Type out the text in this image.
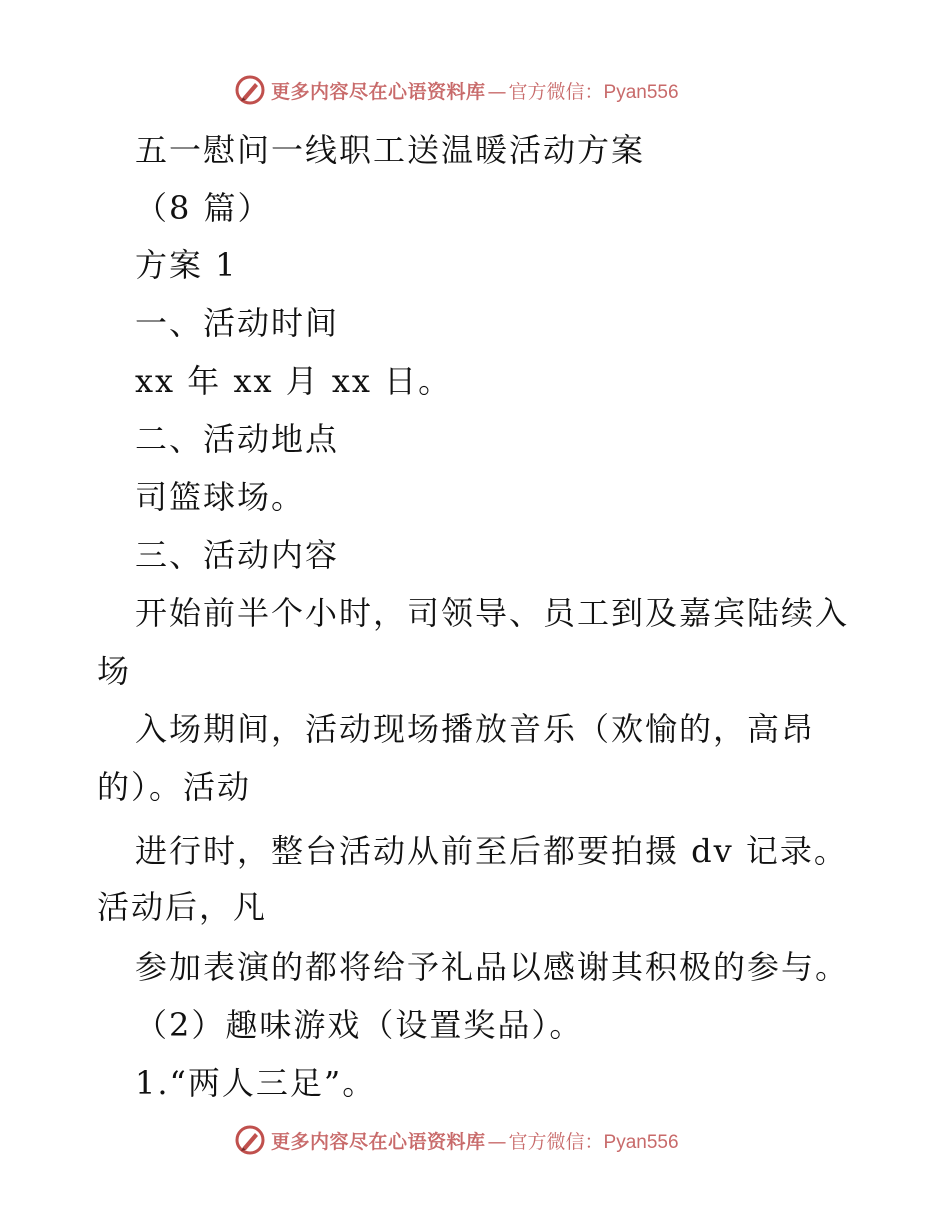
更多内容尽在心语资料库 — 官方微信：Pyan556
五一慰问一线职工送温暖活动方案
（8 篇）
方案 1
一、活动时间
xx 年 xx 月 xx 日。
二、活动地点
司篮球场。
三、活动内容
开始前半个小时，司领导、员工到及嘉宾陆续入
场
入场期间，活动现场播放音乐（欢愉的，高昂
的）。活动
进行时，整台活动从前至后都要拍摄 dv 记录。
活动后，凡
参加表演的都将给予礼品以感谢其积极的参与。
（2）趣味游戏（设置奖品）。
1.“两人三足”。
更多内容尽在心语资料库 — 官方微信：Pyan556
